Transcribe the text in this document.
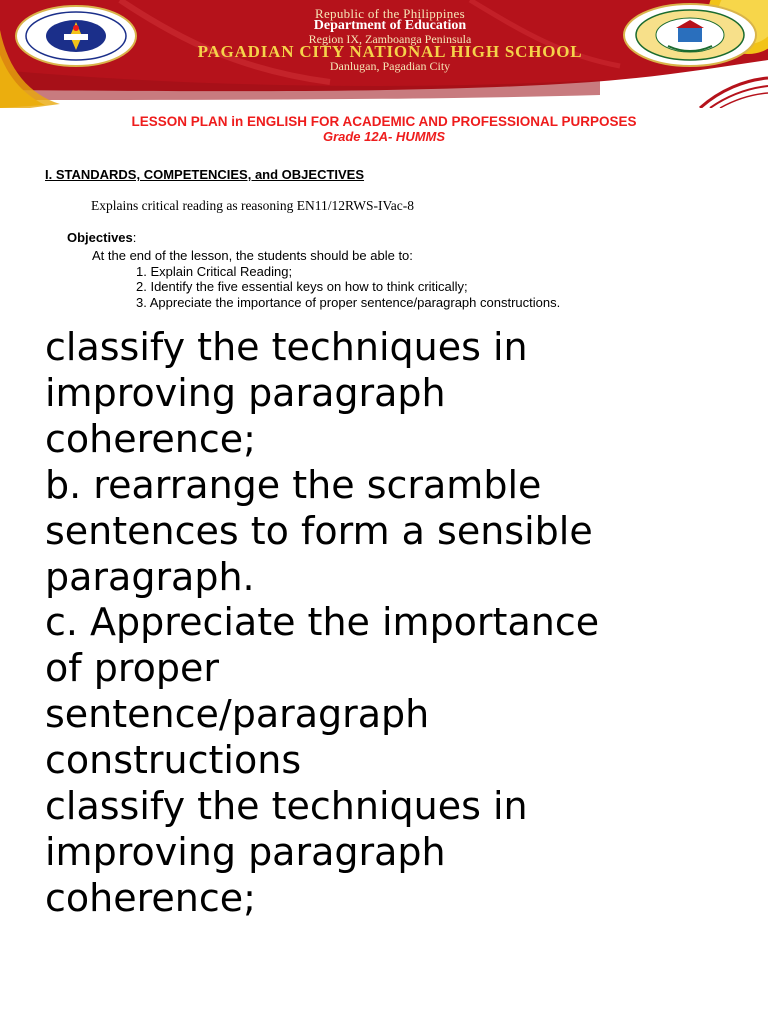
Republic of the Philippines
Department of Education
Region IX, Zamboanga Peninsula
PAGADIAN CITY NATIONAL HIGH SCHOOL
Danlugan, Pagadian City
LESSON PLAN in ENGLISH FOR ACADEMIC AND PROFESSIONAL PURPOSES
Grade 12A- HUMMS
I. STANDARDS, COMPETENCIES, and OBJECTIVES
Explains critical reading as reasoning EN11/12RWS-IVac-8
Objectives:
At the end of the lesson, the students should be able to:
1. Explain Critical Reading;
2. Identify the five essential keys on how to think critically;
3. Appreciate the importance of proper sentence/paragraph constructions.
classify the techniques in
improving paragraph
coherence;
b. rearrange the scramble
sentences to form a sensible
paragraph.
c. Appreciate the importance
of proper
sentence/paragraph
constructions
classify the techniques in
improving paragraph
coherence;
